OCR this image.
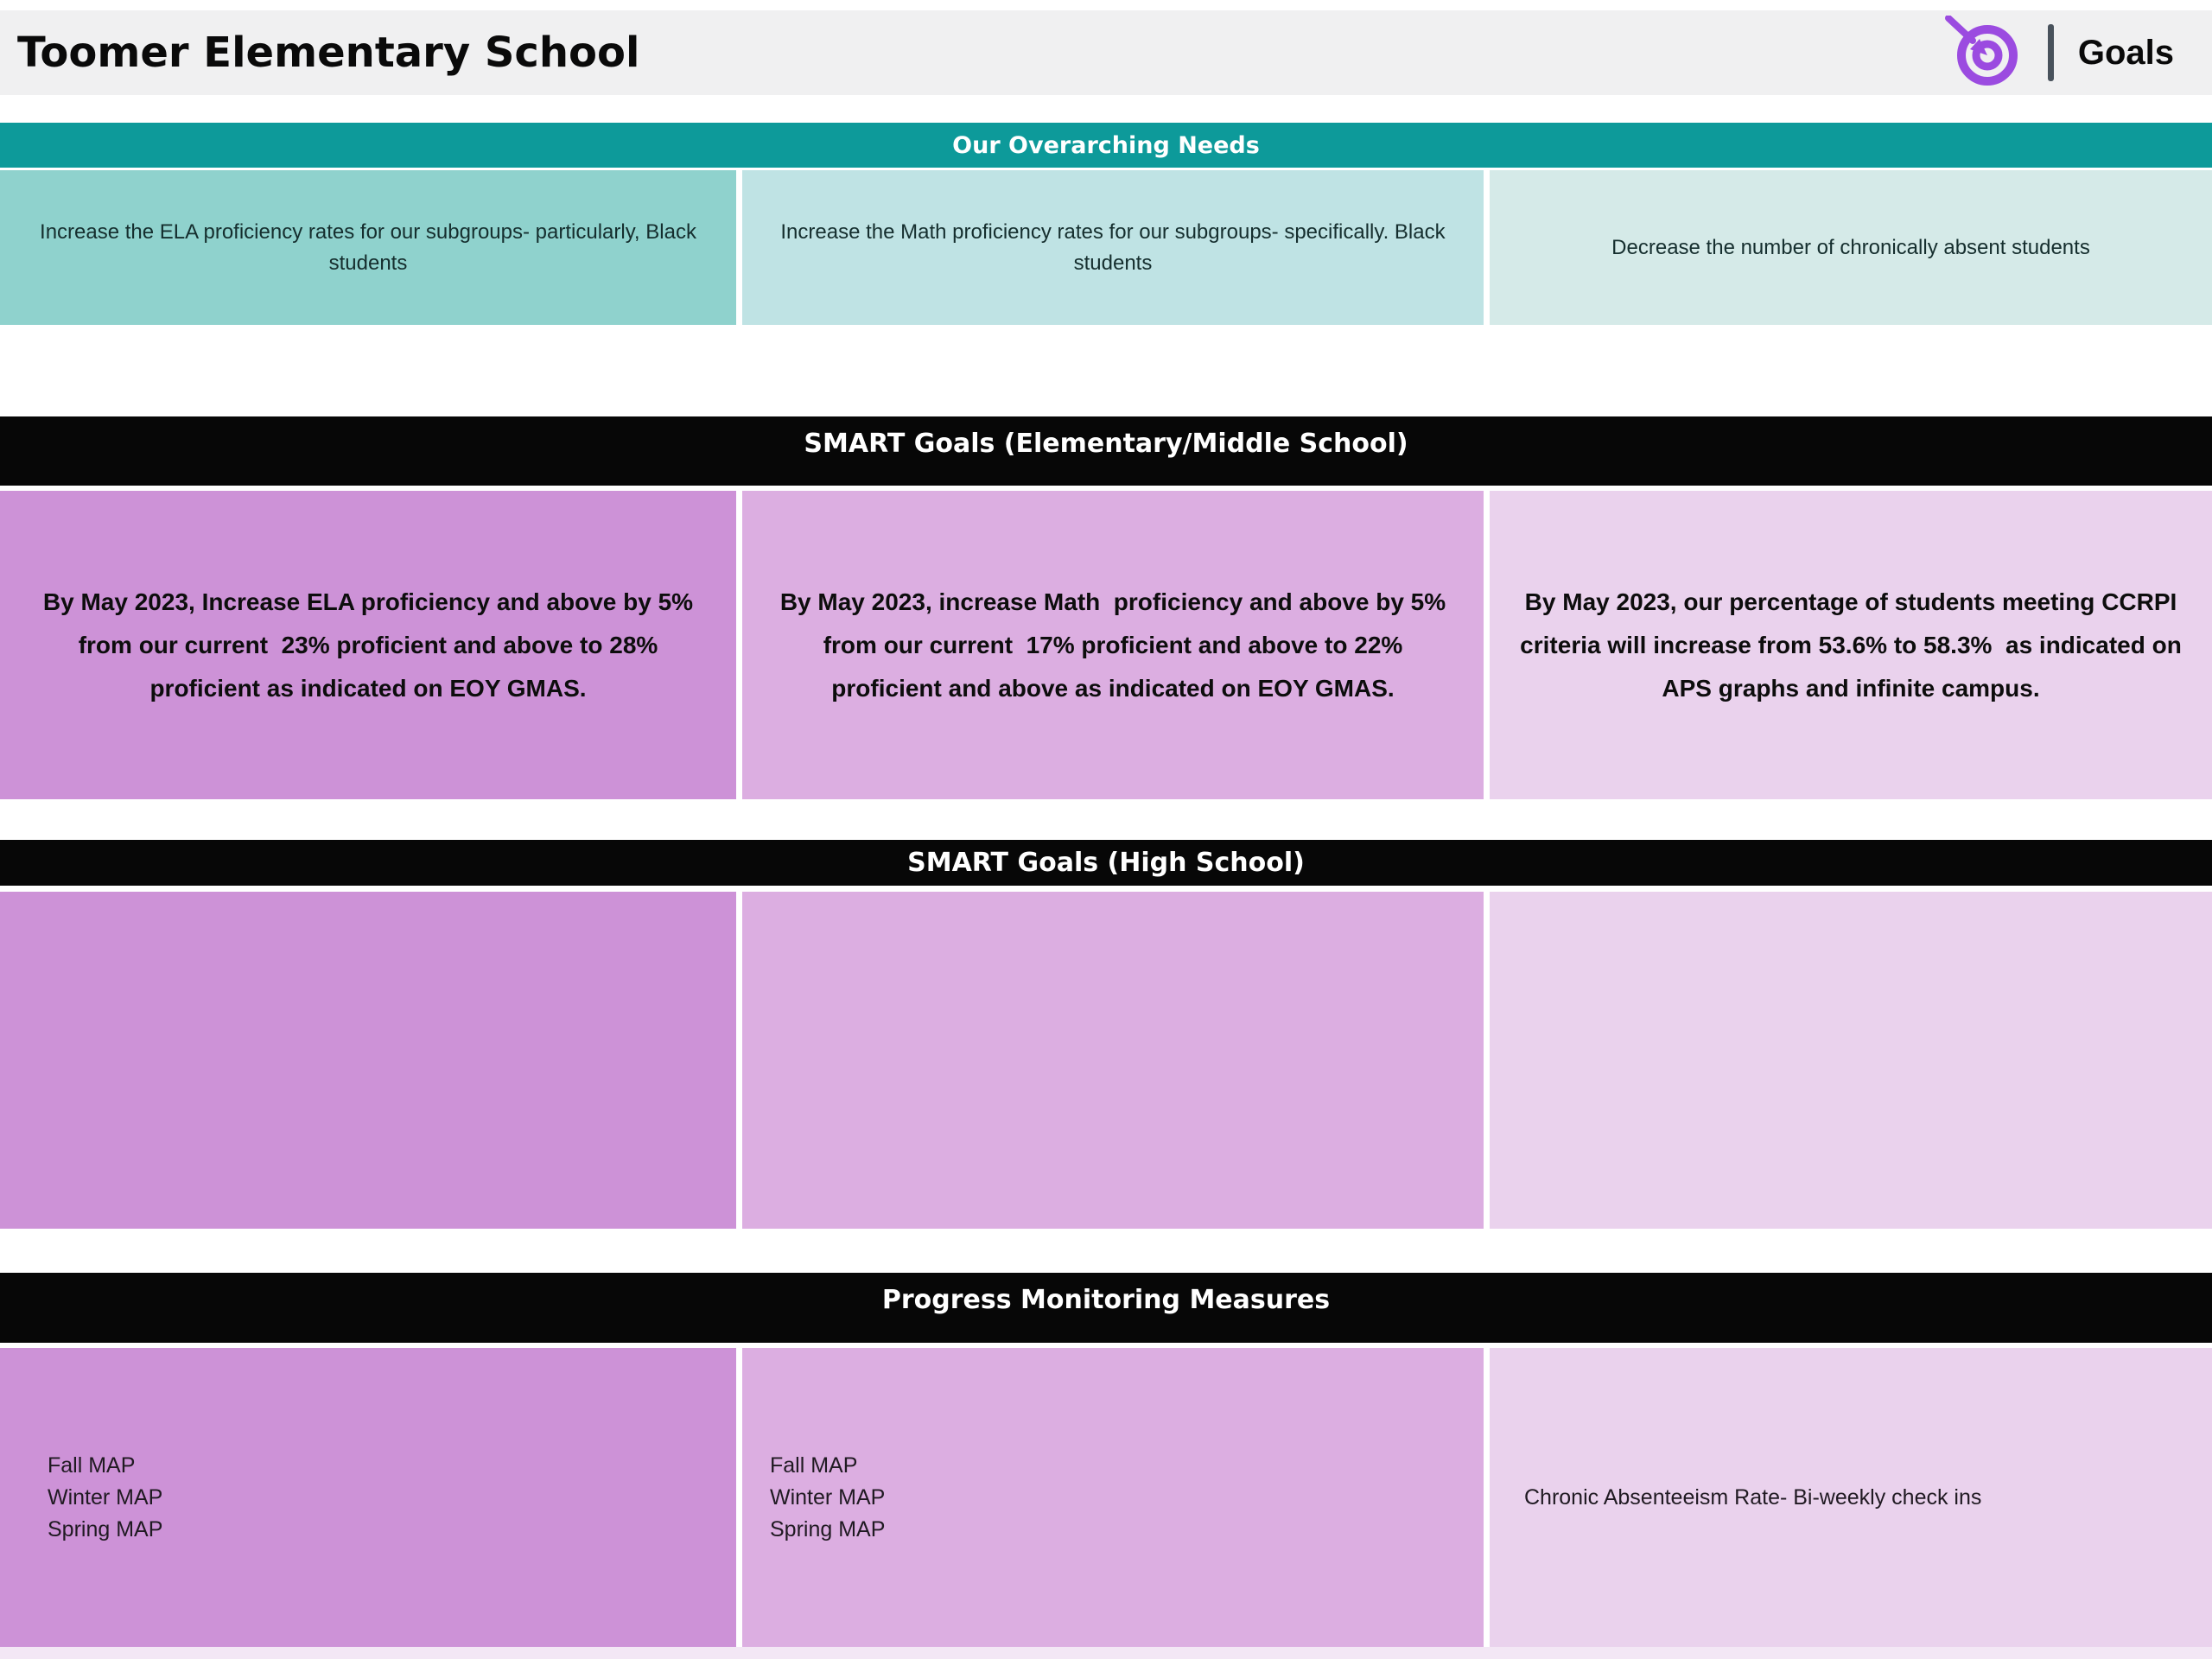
Toomer Elementary School	Goals
Our Overarching Needs
Increase the ELA proficiency rates for our subgroups- particularly, Black students
Increase the Math proficiency rates for our subgroups- specifically. Black students
Decrease the number of chronically absent students
SMART Goals (Elementary/Middle School)
By May 2023, Increase ELA proficiency and above by 5% from our current  23% proficient and above to 28% proficient as indicated on EOY GMAS.
By May 2023, increase Math  proficiency and above by 5% from our current  17% proficient and above to 22% proficient and above as indicated on EOY GMAS.
By May 2023, our percentage of students meeting CCRPI criteria will increase from 53.6% to 58.3%  as indicated on APS graphs and infinite campus.
SMART Goals (High School)
Progress Monitoring Measures
Fall MAP
Winter MAP
Spring MAP
Fall MAP
Winter MAP
Spring MAP
Chronic Absenteeism Rate- Bi-weekly check ins
